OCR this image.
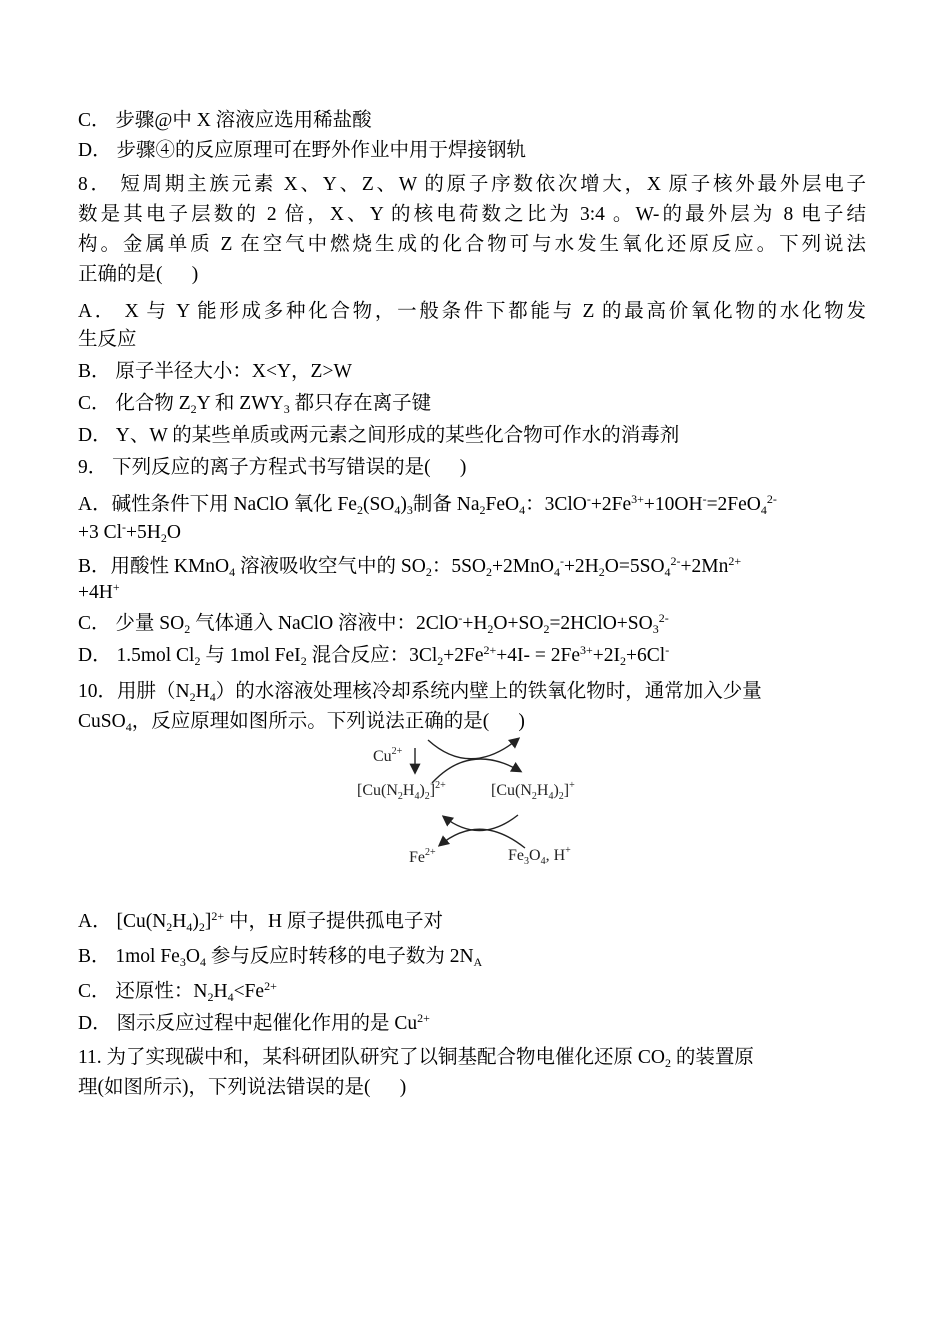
C． 步骤@中 X 溶液应选用稀盐酸
D． 步骤④的反应原理可在野外作业中用于焊接钢轨
8． 短周期主族元素 X、Y、Z、W 的原子序数依次增大，X 原子核外最外层电子
数是其电子层数的 2 倍，X、Y 的核电荷数之比为 3:4 。W-的最外层为 8 电子结
构。金属单质 Z 在空气中燃烧生成的化合物可与水发生氧化还原反应。下列说法
正确的是(      )
A． X 与 Y 能形成多种化合物，一般条件下都能与 Z 的最高价氧化物的水化物发
生反应
B． 原子半径大小：X<Y，Z>W
C． 化合物 $Z_2Y$ 和 $ZWY_3$ 都只存在离子键
D． Y、W 的某些单质或两元素之间形成的某些化合物可作水的消毒剂
9． 下列反应的离子方程式书写错误的是(      )
A．碱性条件下用 NaClO 氧化 $Fe_2(SO_4)_3$制备 $Na_2FeO_4$：$3ClO^-+2Fe^{3+}+10OH^-=2FeO_4^{2-}$
+3 $Cl^-+5H_2O$
B．用酸性 KMnO$_4$ 溶液吸收空气中的 $SO_2$：$5SO_2+2MnO_4^-+2H_2O=5SO_4^{2-}+2Mn^{2+}$
+4H+
C． 少量 $SO_2$ 气体通入 NaClO 溶液中：$2ClO^-+H_2O+SO_2=2HClO+SO_3^{2-}$
D． 1.5mol $Cl_2$ 与 1mol FeI$_2$ 混合反应：$3Cl_2+2Fe^{2+}+4I- = 2Fe^{3+}+2I_2+6Cl^-$
10．用肼$(N_2H_4)$的水溶液处理核冷却系统内壁上的铁氧化物时，通常加入少量
CuSO$_4$，反应原理如图所示。下列说法正确的是(      )
A． $[Cu(N_2H_4)_2]^{2+}$ 中，H 原子提供孤电子对
B． 1mol $Fe_3O_4$ 参与反应时转移的电子数为 $2N_A$
C． 还原性：$N_2H_4<Fe^{2+}$
D． 图示反应过程中起催化作用的是 $Cu^{2+}$
11. 为了实现碳中和，某科研团队研究了以铜基配合物电催化还原 $CO_2$ 的装置原
理(如图所示)，下列说法错误的是(      )
$Cu^{2+}$
$[Cu(N_2H_4)_2]^{2+}$	$[Cu(N_2H_4)_2]^+$
$Fe^{2+}$	$Fe_3O_4$, H+
